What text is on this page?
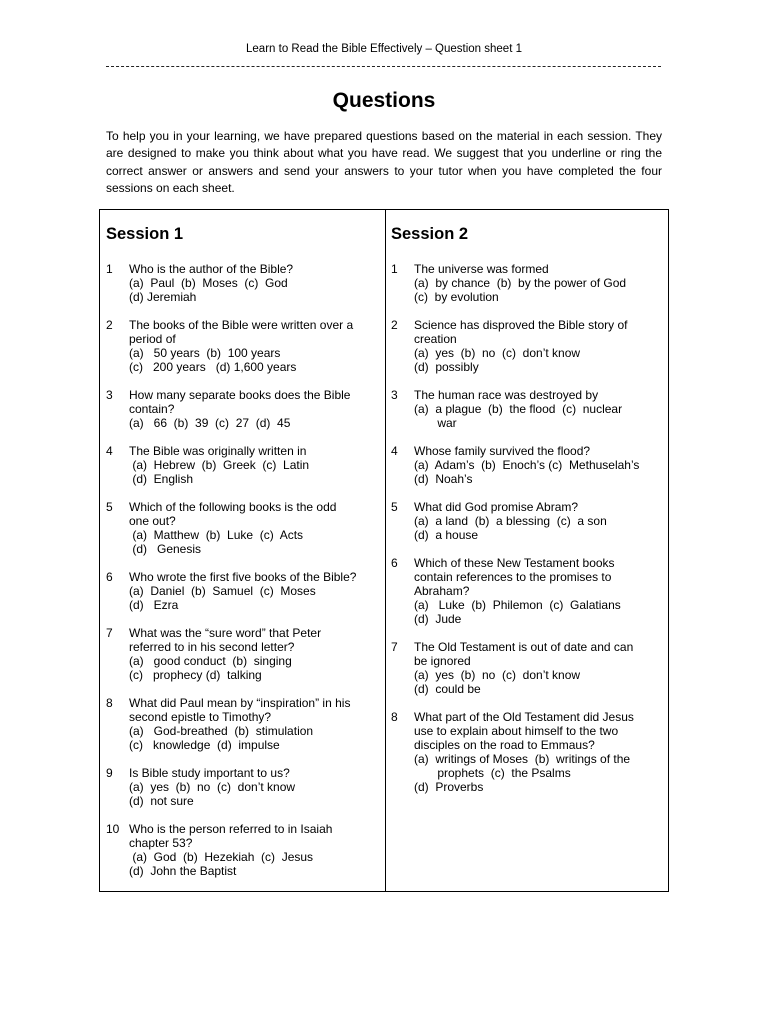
Learn to Read the Bible Effectively – Question sheet 1
Questions
To help you in your learning, we have prepared questions based on the material in each session. They are designed to make you think about what you have read. We suggest that you underline or ring the correct answer or answers and send your answers to your tutor when you have completed the four sessions on each sheet.
Session 1
1 Who is the author of the Bible?
(a)  Paul  (b)  Moses  (c)  God
(d) Jeremiah
2 The books of the Bible were written over a
period of
(a)   50 years  (b)  100 years
(c)   200 years   (d) 1,600 years
3 How many separate books does the Bible
contain?
(a)   66  (b)  39  (c)  27  (d)  45
4 The Bible was originally written in
(a)  Hebrew  (b)  Greek  (c)  Latin
(d)  English
5 Which of the following books is the odd
one out?
(a)  Matthew  (b)  Luke  (c)  Acts
(d)   Genesis
6 Who wrote the first five books of the Bible?
(a)  Daniel  (b)  Samuel  (c)  Moses
(d)   Ezra
7 What was the “sure word” that Peter
referred to in his second letter?
(a)   good conduct  (b)  singing
(c)   prophecy (d)  talking
8 What did Paul mean by “inspiration” in his
second epistle to Timothy?
(a)   God-breathed  (b)  stimulation
(c)   knowledge  (d)  impulse
9 Is Bible study important to us?
(a)  yes  (b)  no  (c)  don’t know
(d)  not sure
10 Who is the person referred to in Isaiah
chapter 53?
(a)  God  (b)  Hezekiah  (c)  Jesus
(d)  John the Baptist
Session 2
1 The universe was formed
(a)  by chance  (b)  by the power of God
(c)  by evolution
2 Science has disproved the Bible story of
creation
(a)  yes  (b)  no  (c)  don’t know
(d)  possibly
3 The human race was destroyed by
(a)  a plague  (b)  the flood  (c)  nuclear
war
4 Whose family survived the flood?
(a)  Adam’s  (b)  Enoch’s (c)  Methuselah’s
(d)  Noah’s
5 What did God promise Abram?
(a)  a land  (b)  a blessing  (c)  a son
(d)  a house
6 Which of these New Testament books
contain references to the promises to
Abraham?
(a)   Luke  (b)  Philemon  (c)  Galatians
(d)  Jude
7 The Old Testament is out of date and can
be ignored
(a)  yes  (b)  no  (c)  don’t know
(d)  could be
8 What part of the Old Testament did Jesus
use to explain about himself to the two
disciples on the road to Emmaus?
(a)  writings of Moses  (b)  writings of the
prophets  (c)  the Psalms
(d)  Proverbs
